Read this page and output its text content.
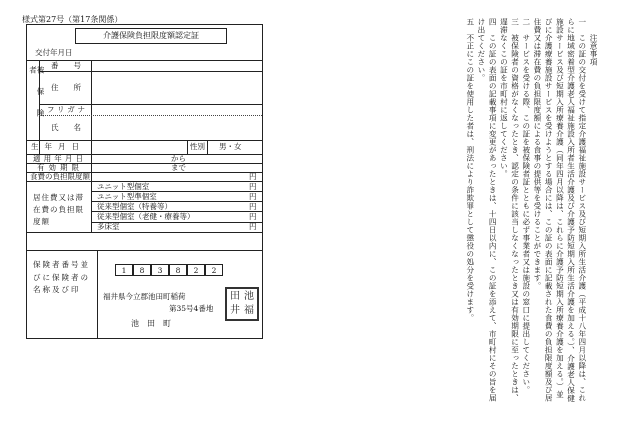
様式第27号（第17条関係）
介護保険負担限度額認定証
交付年月日
被保険者
番号
住所
フリガナ
氏名
生年月日	性別 男・女
適用年月日	から
有効期限	まで
食費の負担限度額	円
居住費又は滞在費の負担限度額
ユニット型個室	円
ユニット型準個室	円
従来型個室（特養等）	円
従来型個室（老健・療養等）	円
多床室	円
保険者番号並びに保険者の名称及び印
1	8	3	8	2	2
福井県今立郡池田町稲荷
第35号4番地
池　田　町
池
福
田
井

　　注意事項

一　この証の交付を受けて指定介護福祉施設サービス及び短期入所生活介護（平成十八年四月以降は、これらに地域密着型介護老人福祉施設入所者生活介護及び介護予防短期入所生活介護を加える。）、介護老人保健施設サービス及び短期入所療養介護（同年四月以降は、これらに介護予防短期入所療養介護を加える。）並びに介護療養施設サービスを受けようとする場合には、この証の表面に記載された食費の負担限度額及び居住費又は滞在費の負担限度額による食事の提供等を受けることができます。

二　サービスを受ける際、この証を被保険者証とともに必ず事業者又は施設の窓口に提出してください。

三　被保険者の資格がなくなったとき、認定の条件に該当しなくなったとき又は有効期限に至ったときは、遅滞なくこの証を市町村に返してください。

四　この証の表面の記載事項に変更があったときは、十四日以内に、この証を添えて、市町村にその旨を届け出てください。

五　不正にこの証を使用した者は、刑法により詐欺罪として懲役の処分を受けます。
